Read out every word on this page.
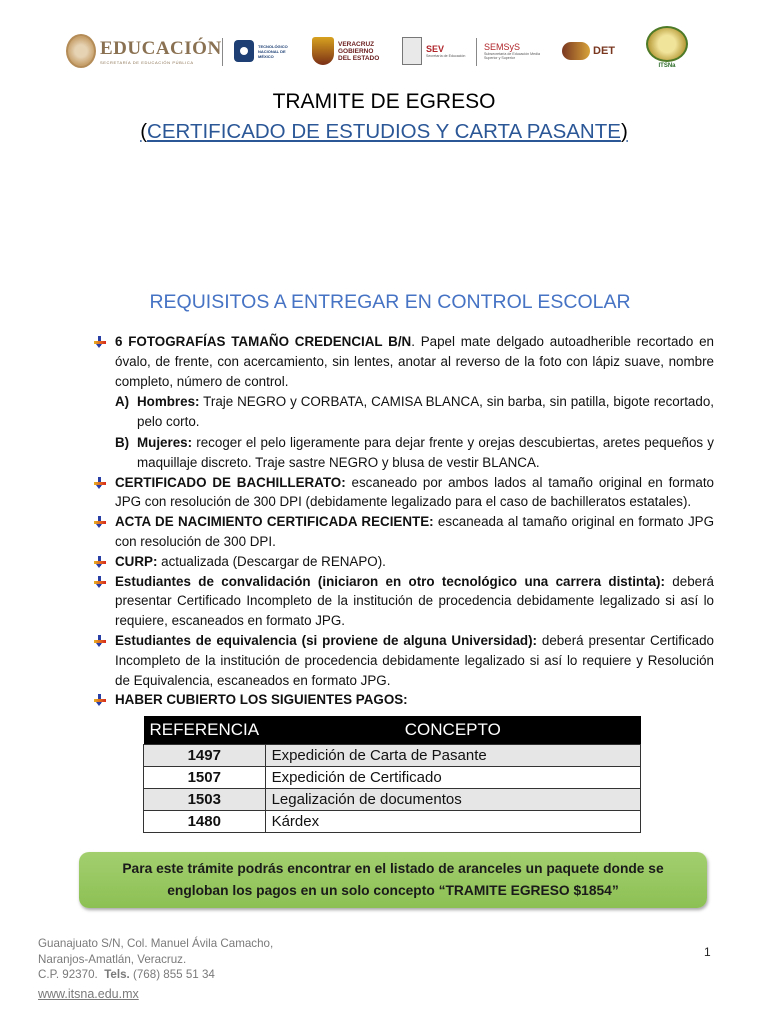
EDUCACIÓN
SECRETARÍA DE EDUCACIÓN PÚBLICA
TECNOLÓGICO NACIONAL DE MÉXICO
VERACRUZ GOBIERNO DEL ESTADO
SEV
Secretaría de Educación
SEMSyS
Subsecretaría de Educación Media Superior y Superior
DET
ITSNa
TRAMITE DE EGRESO
(CERTIFICADO DE ESTUDIOS Y CARTA PASANTE)
REQUISITOS A ENTREGAR EN CONTROL ESCOLAR
6 FOTOGRAFÍAS TAMAÑO CREDENCIAL B/N. Papel mate delgado autoadherible recortado en óvalo, de frente, con acercamiento, sin lentes, anotar al reverso de la foto con lápiz suave, nombre completo, número de control.
A) Hombres: Traje NEGRO y CORBATA, CAMISA BLANCA, sin barba, sin patilla, bigote recortado, pelo corto.
B) Mujeres: recoger el pelo ligeramente para dejar frente y orejas descubiertas, aretes pequeños y maquillaje discreto. Traje sastre NEGRO y blusa de vestir BLANCA.
CERTIFICADO DE BACHILLERATO: escaneado por ambos lados al tamaño original en formato JPG con resolución de 300 DPI (debidamente legalizado para el caso de bachilleratos estatales).
ACTA DE NACIMIENTO CERTIFICADA RECIENTE: escaneada al tamaño original en formato JPG con resolución de 300 DPI.
CURP: actualizada (Descargar de RENAPO).
Estudiantes de convalidación (iniciaron en otro tecnológico una carrera distinta): deberá presentar Certificado Incompleto de la institución de procedencia debidamente legalizado si así lo requiere, escaneados en formato JPG.
Estudiantes de equivalencia (si proviene de alguna Universidad): deberá presentar Certificado Incompleto de la institución de procedencia debidamente legalizado si así lo requiere y Resolución de Equivalencia, escaneados en formato JPG.
HABER CUBIERTO LOS SIGUIENTES PAGOS:
REFERENCIA	CONCEPTO
1497	Expedición de Carta de Pasante
1507	Expedición de Certificado
1503	Legalización de documentos
1480	Kárdex
Para este trámite podrás encontrar en el listado de aranceles un paquete donde se
engloban los pagos en un solo concepto “TRAMITE EGRESO $1854”
Guanajuato S/N, Col. Manuel Ávila Camacho,
Naranjos-Amatlán, Veracruz.
C.P. 92370. Tels. (768) 855 51 34
www.itsna.edu.mx
1
